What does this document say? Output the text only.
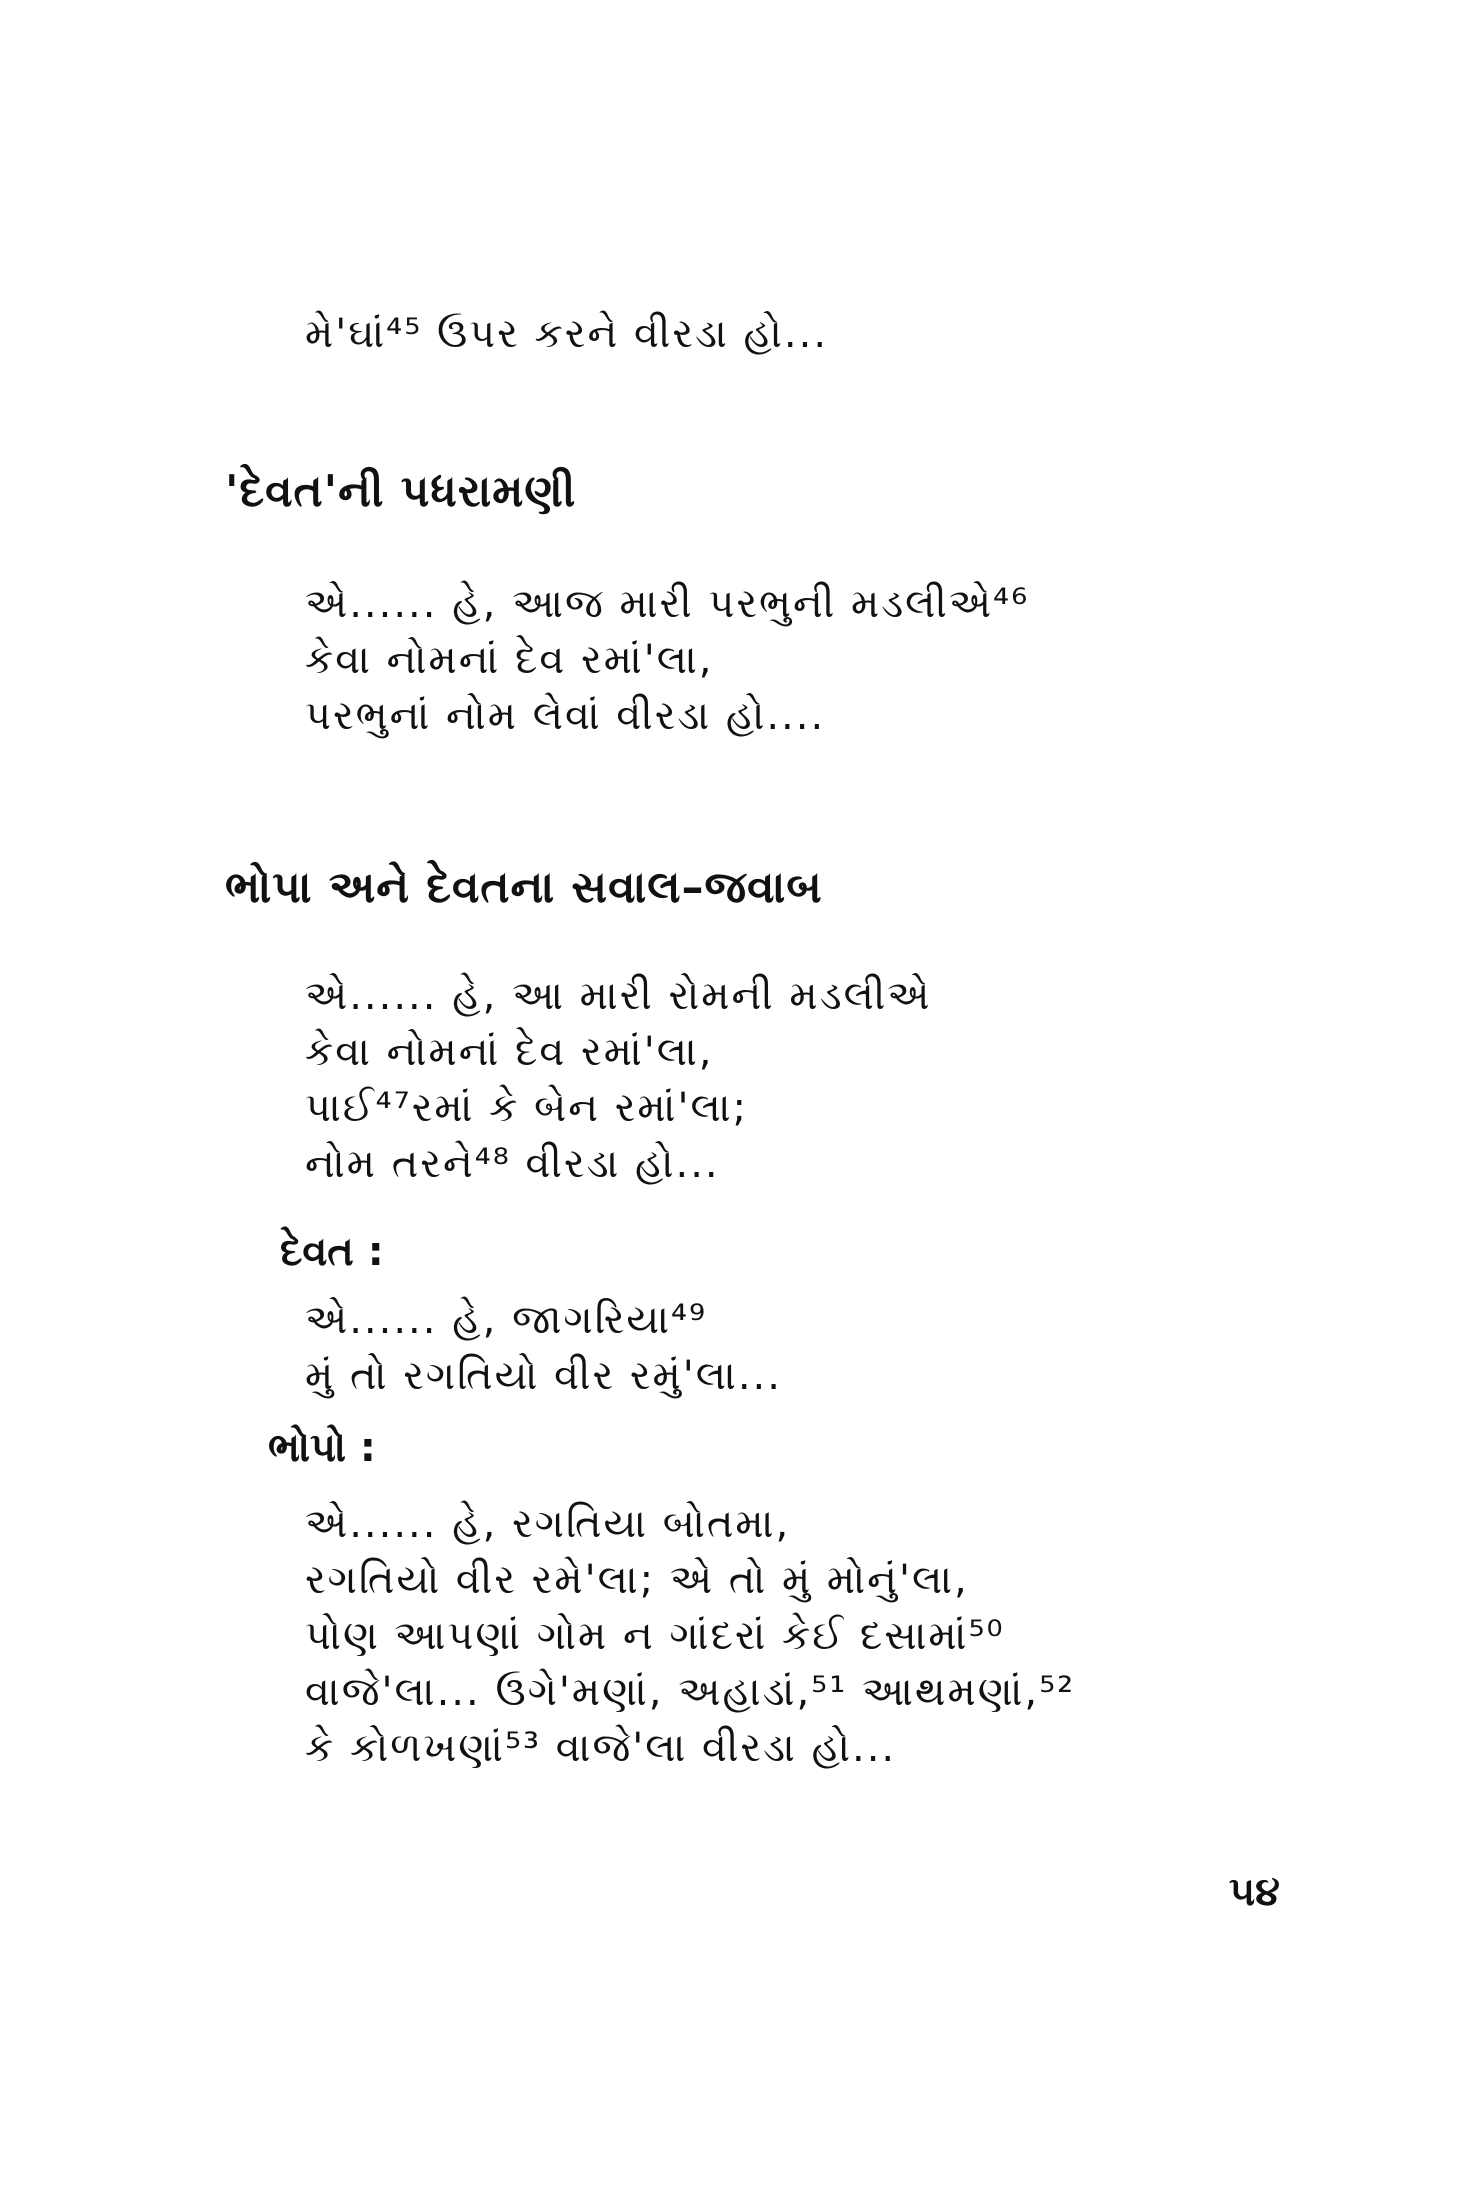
મે'ઘાં⁴⁵ ઉપર કરને વીરડા હો...
'દેવત'ની પધરામણી
એ...... હે, આજ મારી પરભુની મડલીએ⁴⁶
કેવા નોમનાં દેવ રમાં'લા,
પરભુનાં નોમ લેવાં વીરડા હો....
ભોપા અને દેવતના સવાલ–જવાબ
એ...... હે, આ મારી રોમની મડલીએ
કેવા નોમનાં દેવ રમાં'લા,
પાઈ⁴⁷રમાં કે બેન રમાં'લા;
નોમ તરને⁴⁸ વીરડા હો...
દેવત :
એ...... હે, જાગરિયા⁴⁹
મું તો રગતિયો વીર રમું'લા...
ભોપો :
એ...... હે, રગતિયા બોતમા,
રગતિયો વીર રમે'લા; એ તો મું મોનું'લા,
પોણ આપણાં ગોમ ન ગાંદરાં કેઈ દસામાં⁵⁰
વાજે'લા... ઉગે'મણાં, અહાડાં,⁵¹ આથમણાં,⁵²
કે કોળખણાં⁵³ વાજે'લા વીરડા હો...
૫૪
